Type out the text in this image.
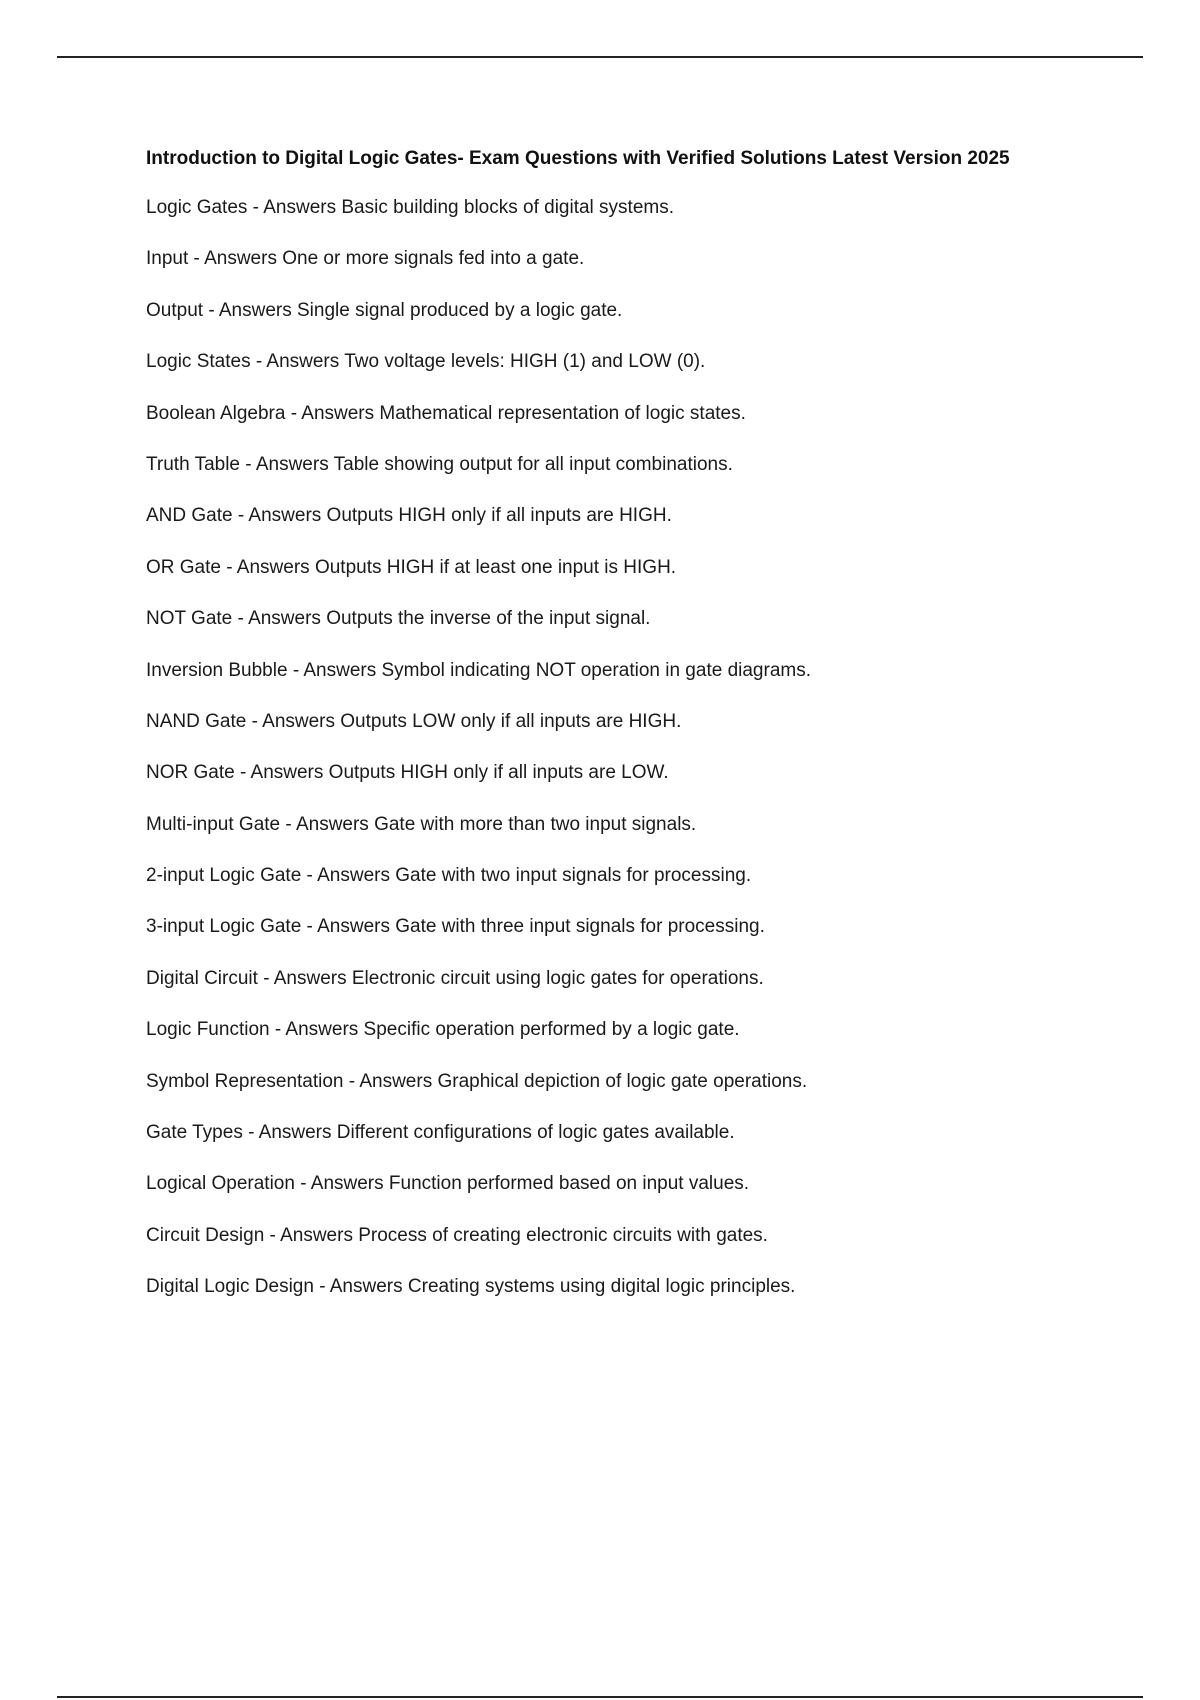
Introduction to Digital Logic Gates- Exam Questions with Verified Solutions Latest Version 2025
Logic Gates - Answers Basic building blocks of digital systems.
Input - Answers One or more signals fed into a gate.
Output - Answers Single signal produced by a logic gate.
Logic States - Answers Two voltage levels: HIGH (1) and LOW (0).
Boolean Algebra - Answers Mathematical representation of logic states.
Truth Table - Answers Table showing output for all input combinations.
AND Gate - Answers Outputs HIGH only if all inputs are HIGH.
OR Gate - Answers Outputs HIGH if at least one input is HIGH.
NOT Gate - Answers Outputs the inverse of the input signal.
Inversion Bubble - Answers Symbol indicating NOT operation in gate diagrams.
NAND Gate - Answers Outputs LOW only if all inputs are HIGH.
NOR Gate - Answers Outputs HIGH only if all inputs are LOW.
Multi-input Gate - Answers Gate with more than two input signals.
2-input Logic Gate - Answers Gate with two input signals for processing.
3-input Logic Gate - Answers Gate with three input signals for processing.
Digital Circuit - Answers Electronic circuit using logic gates for operations.
Logic Function - Answers Specific operation performed by a logic gate.
Symbol Representation - Answers Graphical depiction of logic gate operations.
Gate Types - Answers Different configurations of logic gates available.
Logical Operation - Answers Function performed based on input values.
Circuit Design - Answers Process of creating electronic circuits with gates.
Digital Logic Design - Answers Creating systems using digital logic principles.
